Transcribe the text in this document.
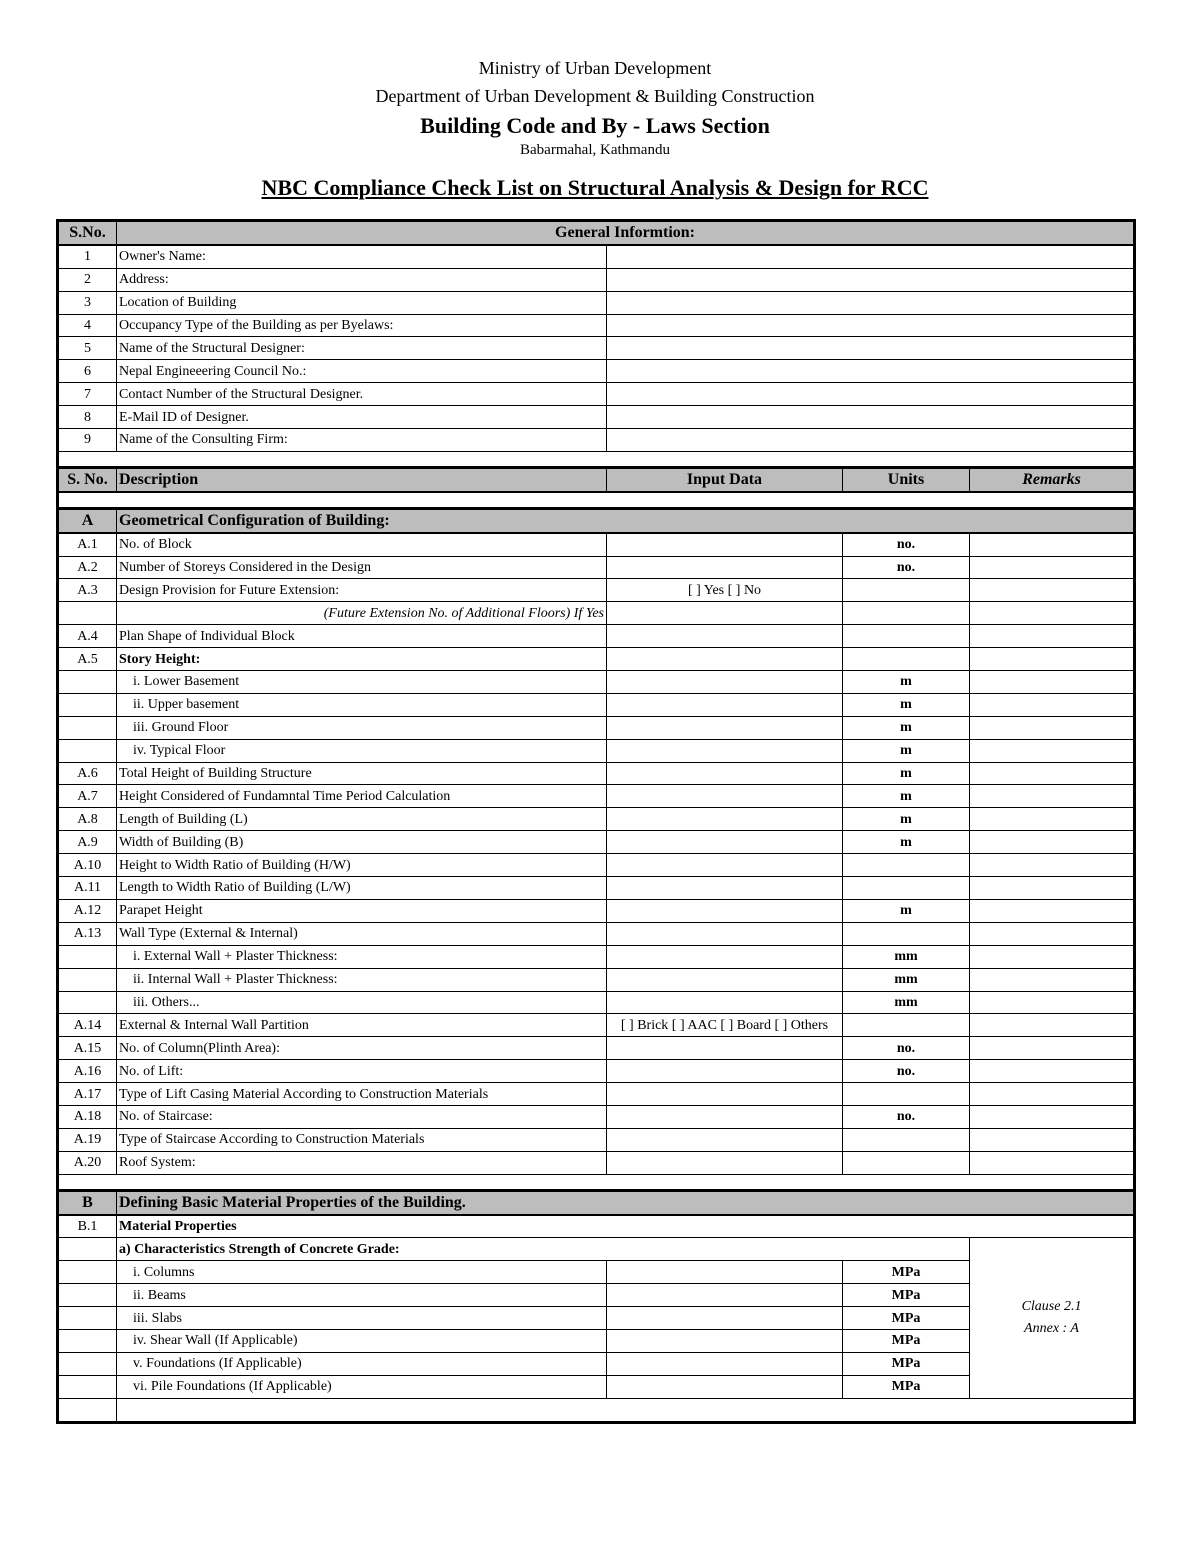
Ministry of Urban Development
Department of Urban Development & Building Construction
Building Code and By - Laws Section
Babarmahal, Kathmandu
NBC Compliance Check List on Structural Analysis & Design for RCC
S.No.	General Informtion:			
1	Owner's Name:			
2	Address:			
3	Location of Building			
4	Occupancy Type of the Building as per Byelaws:			
5	Name of the Structural Designer:			
6	Nepal Engineeering Council No.:			
7	Contact Number of the Structural Designer.			
8	E-Mail ID of Designer.			
9	Name of the Consulting Firm:			

S. No.	Description	Input Data	Units	Remarks

A	Geometrical Configuration of Building:			
A.1	No. of Block		no.	
A.2	Number of Storeys Considered in the Design		no.	
A.3	Design Provision for Future Extension:	[ ] Yes [ ] No		
	(Future Extension No. of Additional Floors) If Yes			
A.4	Plan Shape of Individual Block			
A.5	Story Height:			
	i. Lower Basement		m	
	ii. Upper basement		m	
	iii. Ground Floor		m	
	iv. Typical Floor		m	
A.6	Total Height of Building Structure		m	
A.7	Height Considered of Fundamntal Time Period Calculation		m	
A.8	Length of Building (L)		m	
A.9	Width of Building (B)		m	
A.10	Height to Width Ratio of Building (H/W)			
A.11	Length to Width Ratio of Building (L/W)			
A.12	Parapet Height		m	
A.13	Wall Type (External & Internal)			
	i. External Wall + Plaster Thickness:		mm	
	ii. Internal Wall + Plaster Thickness:		mm	
	iii. Others...		mm	
A.14	External & Internal Wall Partition	[ ] Brick [ ] AAC [ ] Board [ ] Others		
A.15	No. of Column(Plinth Area):		no.	
A.16	No. of Lift:		no.	
A.17	Type of Lift Casing Material According to Construction Materials			
A.18	No. of Staircase:		no.	
A.19	Type of Staircase According to Construction Materials			
A.20	Roof System:			

B	Defining Basic Material Properties of the Building.			
B.1	Material Properties			
	a) Characteristics Strength of Concrete Grade:			Clause 2.1
Annex : A

	i. Columns		MPa	
	ii. Beams		MPa	
	iii. Slabs		MPa	
	iv. Shear Wall (If Applicable)		MPa	
	v. Foundations (If Applicable)		MPa	
	vi. Pile Foundations (If Applicable)		MPa	
